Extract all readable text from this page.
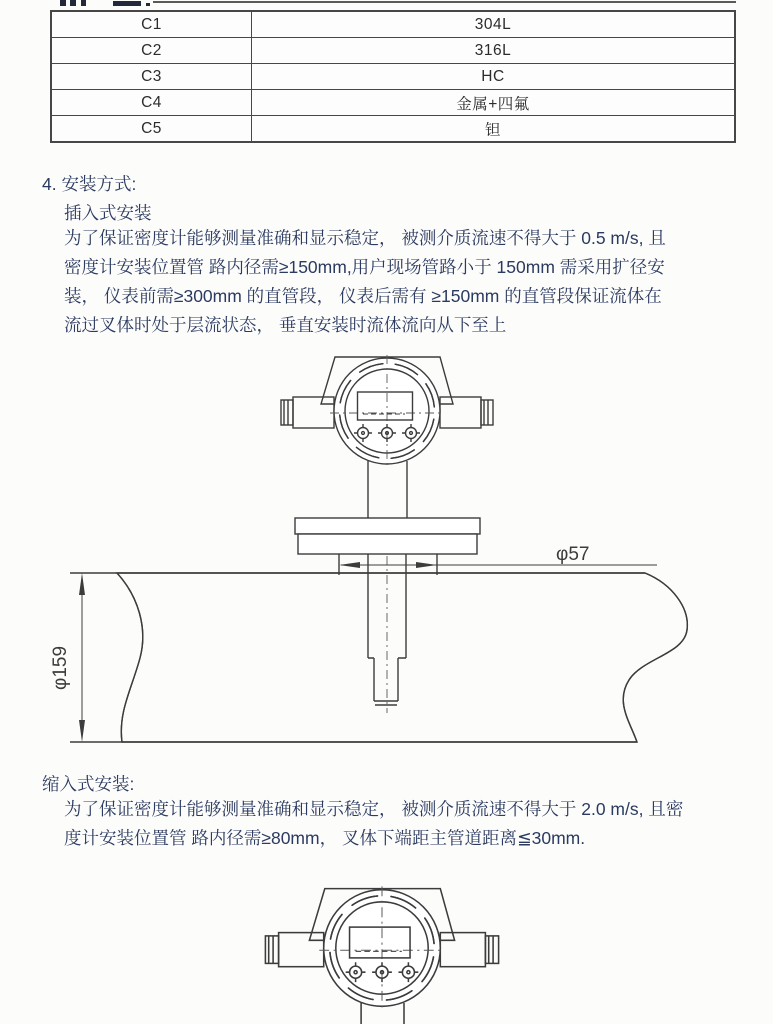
C1	304L
C2	316L
C3	HC
C4	金属+四氟
C5	钽
4. 安装方式:
插入式安装
为了保证密度计能够测量准确和显示稳定， 被测介质流速不得大于 0.5 m/s, 且
密度计安装位置管 路内径需≥150mm,用户现场管路小于 150mm 需采用扩径安
装， 仪表前需≥300mm 的直管段， 仪表后需有 ≥150mm 的直管段保证流体在
流过叉体时处于层流状态， 垂直安装时流体流向从下至上
缩入式安装:
为了保证密度计能够测量准确和显示稳定， 被测介质流速不得大于 2.0 m/s, 且密
度计安装位置管 路内径需≥80mm， 叉体下端距主管道距离≦30mm.
φ57
φ159
